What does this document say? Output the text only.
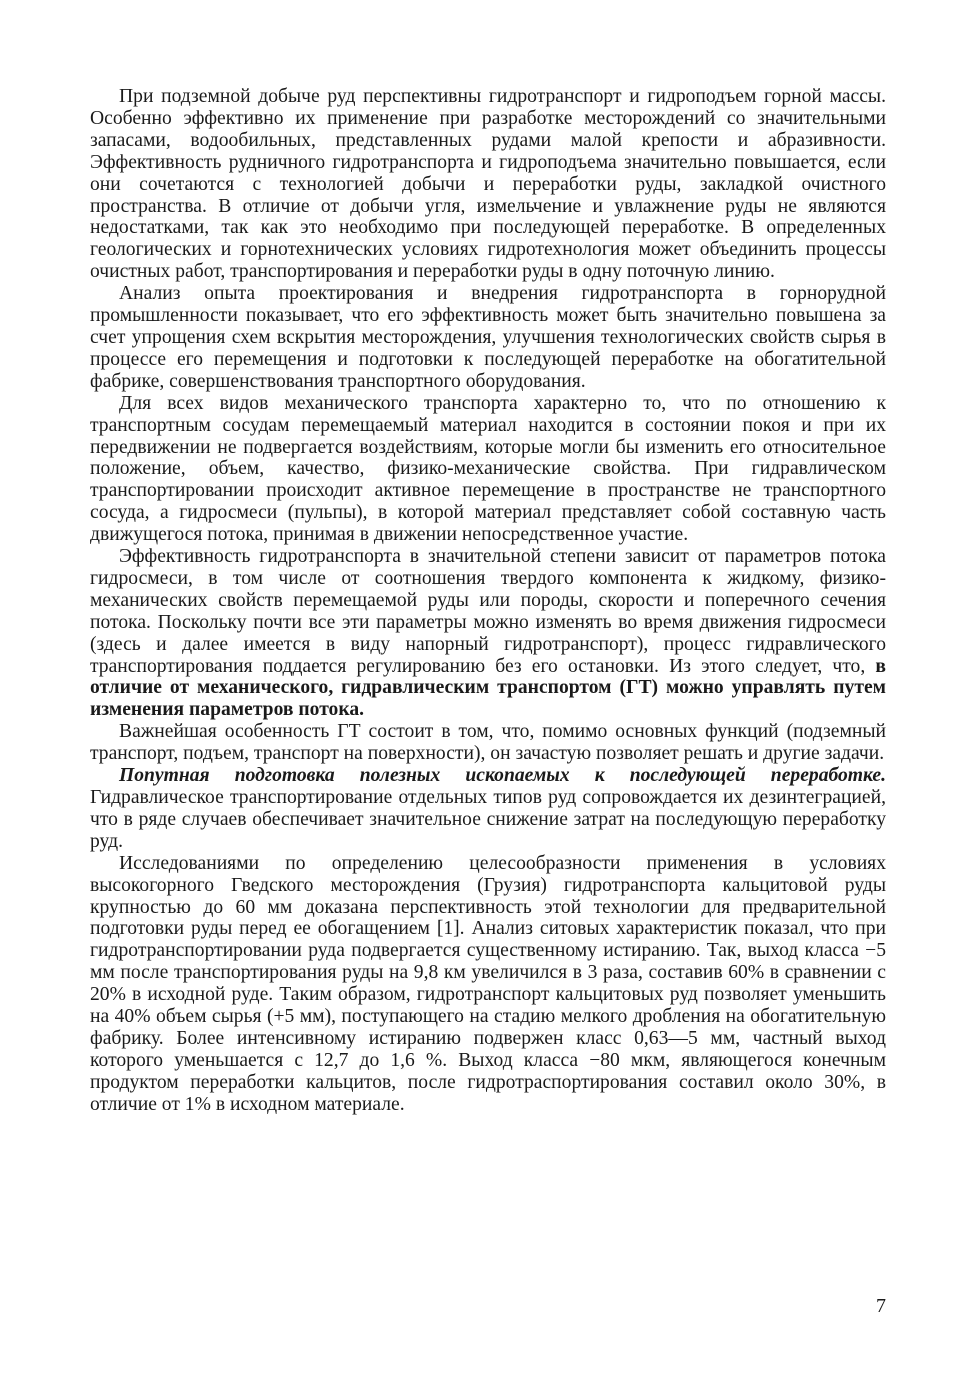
При подземной добыче руд перспективны гидротранспорт и гидроподъем горной массы. Особенно эффективно их применение при разработке месторождений со значительными запасами, водообильных, представленных рудами малой крепости и абразивности. Эффективность рудничного гидротранспорта и гидроподъема значительно повышается, если они сочетаются с технологией добычи и переработки руды, закладкой очистного пространства. В отличие от добычи угля, измельчение и увлажнение руды не являются недостатками, так как это необходимо при последующей переработке. В определенных геологических и горнотехнических условиях гидротехнология может объединить процессы очистных работ, транспортирования и переработки руды в одну поточную линию.

Анализ опыта проектирования и внедрения гидротранспорта в горнорудной промышленности показывает, что его эффективность может быть значительно повышена за счет упрощения схем вскрытия месторождения, улучшения технологических свойств сырья в процессе его перемещения и подготовки к последующей переработке на обогатительной фабрике, совершенствования транспортного оборудования.

Для всех видов механического транспорта характерно то, что по отношению к транспортным сосудам перемещаемый материал находится в состоянии покоя и при их передвижении не подвергается воздействиям, которые могли бы изменить его относительное положение, объем, качество, физико-механические свойства. При гидравлическом транспортировании происходит активное перемещение в пространстве не транспортного сосуда, а гидросмеси (пульпы), в которой материал представляет собой составную часть движущегося потока, принимая в движении непосредственное участие.

Эффективность гидротранспорта в значительной степени зависит от параметров потока гидросмеси, в том числе от соотношения твердого компонента к жидкому, физико-механических свойств перемещаемой руды или породы, скорости и поперечного сечения потока. Поскольку почти все эти параметры можно изменять во время движения гидросмеси (здесь и далее имеется в виду напорный гидротранспорт), процесс гидравлического транспортирования поддается регулированию без его остановки. Из этого следует, что, в отличие от механического, гидравлическим транспортом (ГТ) можно управлять путем изменения параметров потока.

Важнейшая особенность ГТ состоит в том, что, помимо основных функций (подземный транспорт, подъем, транспорт на поверхности), он зачастую позволяет решать и другие задачи.

Попутная подготовка полезных ископаемых к последующей переработке. Гидравлическое транспортирование отдельных типов руд сопровождается их дезинтеграцией, что в ряде случаев обеспечивает значительное снижение затрат на последующую переработку руд.

Исследованиями по определению целесообразности применения в условиях высокогорного Гведского месторождения (Грузия) гидротранспорта кальцитовой руды крупностью до 60 мм доказана перспективность этой технологии для предварительной подготовки руды перед ее обогащением [1]. Анализ ситовых характеристик показал, что при гидротранспортировании руда подвергается существенному истиранию. Так, выход класса −5 мм после транспортирования руды на 9,8 км увеличился в 3 раза, составив 60% в сравнении с 20% в исходной руде. Таким образом, гидротранспорт кальцитовых руд позволяет уменьшить на 40% объем сырья (+5 мм), поступающего на стадию мелкого дробления на обогатительную фабрику. Более интенсивному истиранию подвержен класс 0,63—5 мм, частный выход которого уменьшается с 12,7 до 1,6 %. Выход класса −80 мкм, являющегося конечным продуктом переработки кальцитов, после гидротраспортирования составил около 30%, в отличие от 1% в исходном материале.

7
